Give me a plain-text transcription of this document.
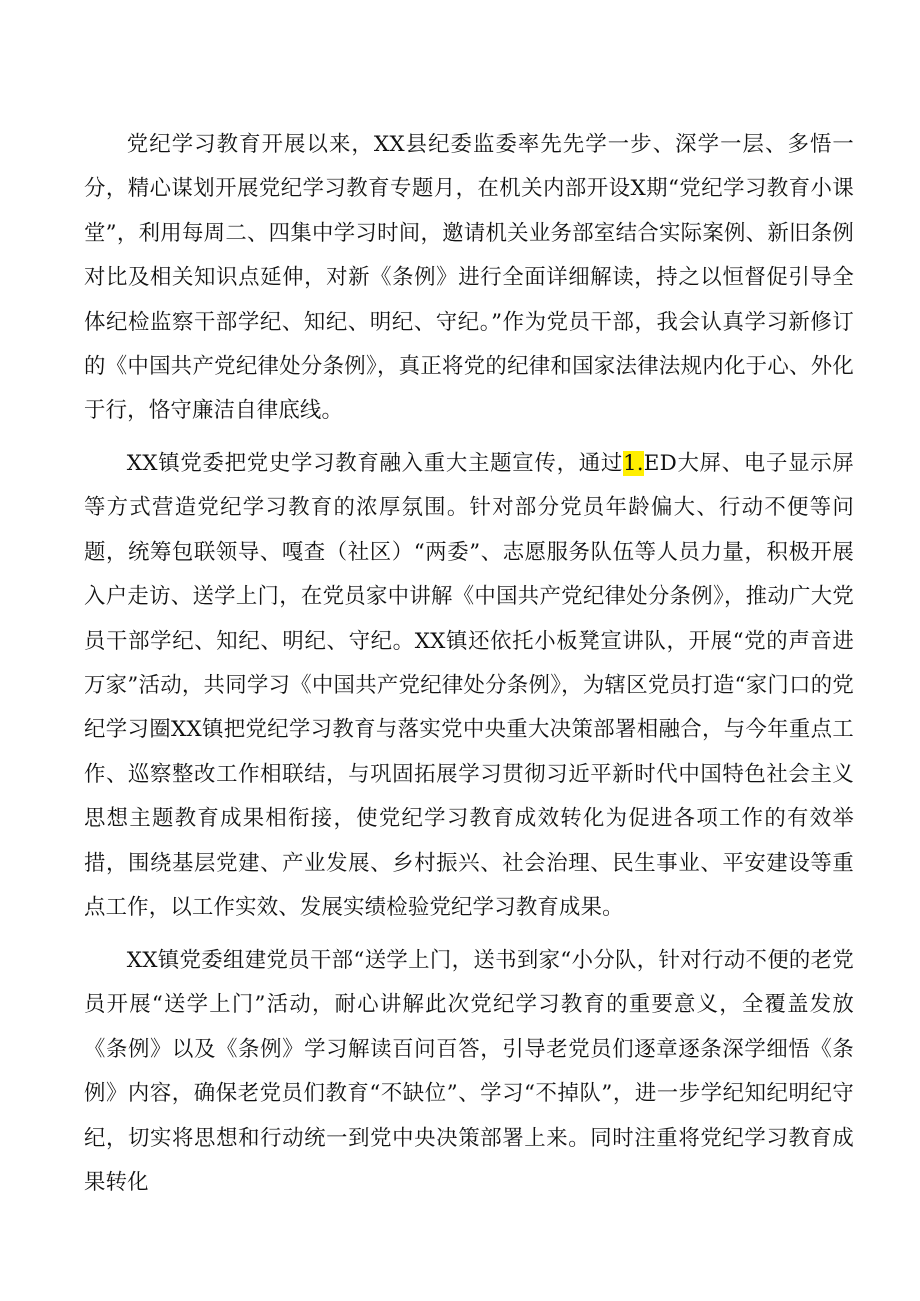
党纪学习教育开展以来，XX县纪委监委率先先学一步、深学一层、多悟一分，精心谋划开展党纪学习教育专题月，在机关内部开设X期“党纪学习教育小课堂”，利用每周二、四集中学习时间，邀请机关业务部室结合实际案例、新旧条例对比及相关知识点延伸，对新《条例》进行全面详细解读，持之以恒督促引导全体纪检监察干部学纪、知纪、明纪、守纪。”作为党员干部，我会认真学习新修订的《中国共产党纪律处分条例》，真正将党的纪律和国家法律法规内化于心、外化于行，恪守廉洁自律底线。

XX镇党委把党史学习教育融入重大主题宣传，通过1.ED大屏、电子显示屏等方式营造党纪学习教育的浓厚氛围。针对部分党员年龄偏大、行动不便等问题，统筹包联领导、嘎查（社区）“两委”、志愿服务队伍等人员力量，积极开展入户走访、送学上门，在党员家中讲解《中国共产党纪律处分条例》，推动广大党员干部学纪、知纪、明纪、守纪。XX镇还依托小板凳宣讲队，开展“党的声音进万家”活动，共同学习《中国共产党纪律处分条例》，为辖区党员打造“家门口的党纪学习圈XX镇把党纪学习教育与落实党中央重大决策部署相融合，与今年重点工作、巡察整改工作相联结，与巩固拓展学习贯彻习近平新时代中国特色社会主义思想主题教育成果相衔接，使党纪学习教育成效转化为促进各项工作的有效举措，围绕基层党建、产业发展、乡村振兴、社会治理、民生事业、平安建设等重点工作，以工作实效、发展实绩检验党纪学习教育成果。

XX镇党委组建党员干部“送学上门，送书到家“小分队，针对行动不便的老党员开展“送学上门”活动，耐心讲解此次党纪学习教育的重要意义，全覆盖发放《条例》以及《条例》学习解读百问百答，引导老党员们逐章逐条深学细悟《条例》内容，确保老党员们教育“不缺位”、学习“不掉队”，进一步学纪知纪明纪守纪，切实将思想和行动统一到党中央决策部署上来。同时注重将党纪学习教育成果转化
